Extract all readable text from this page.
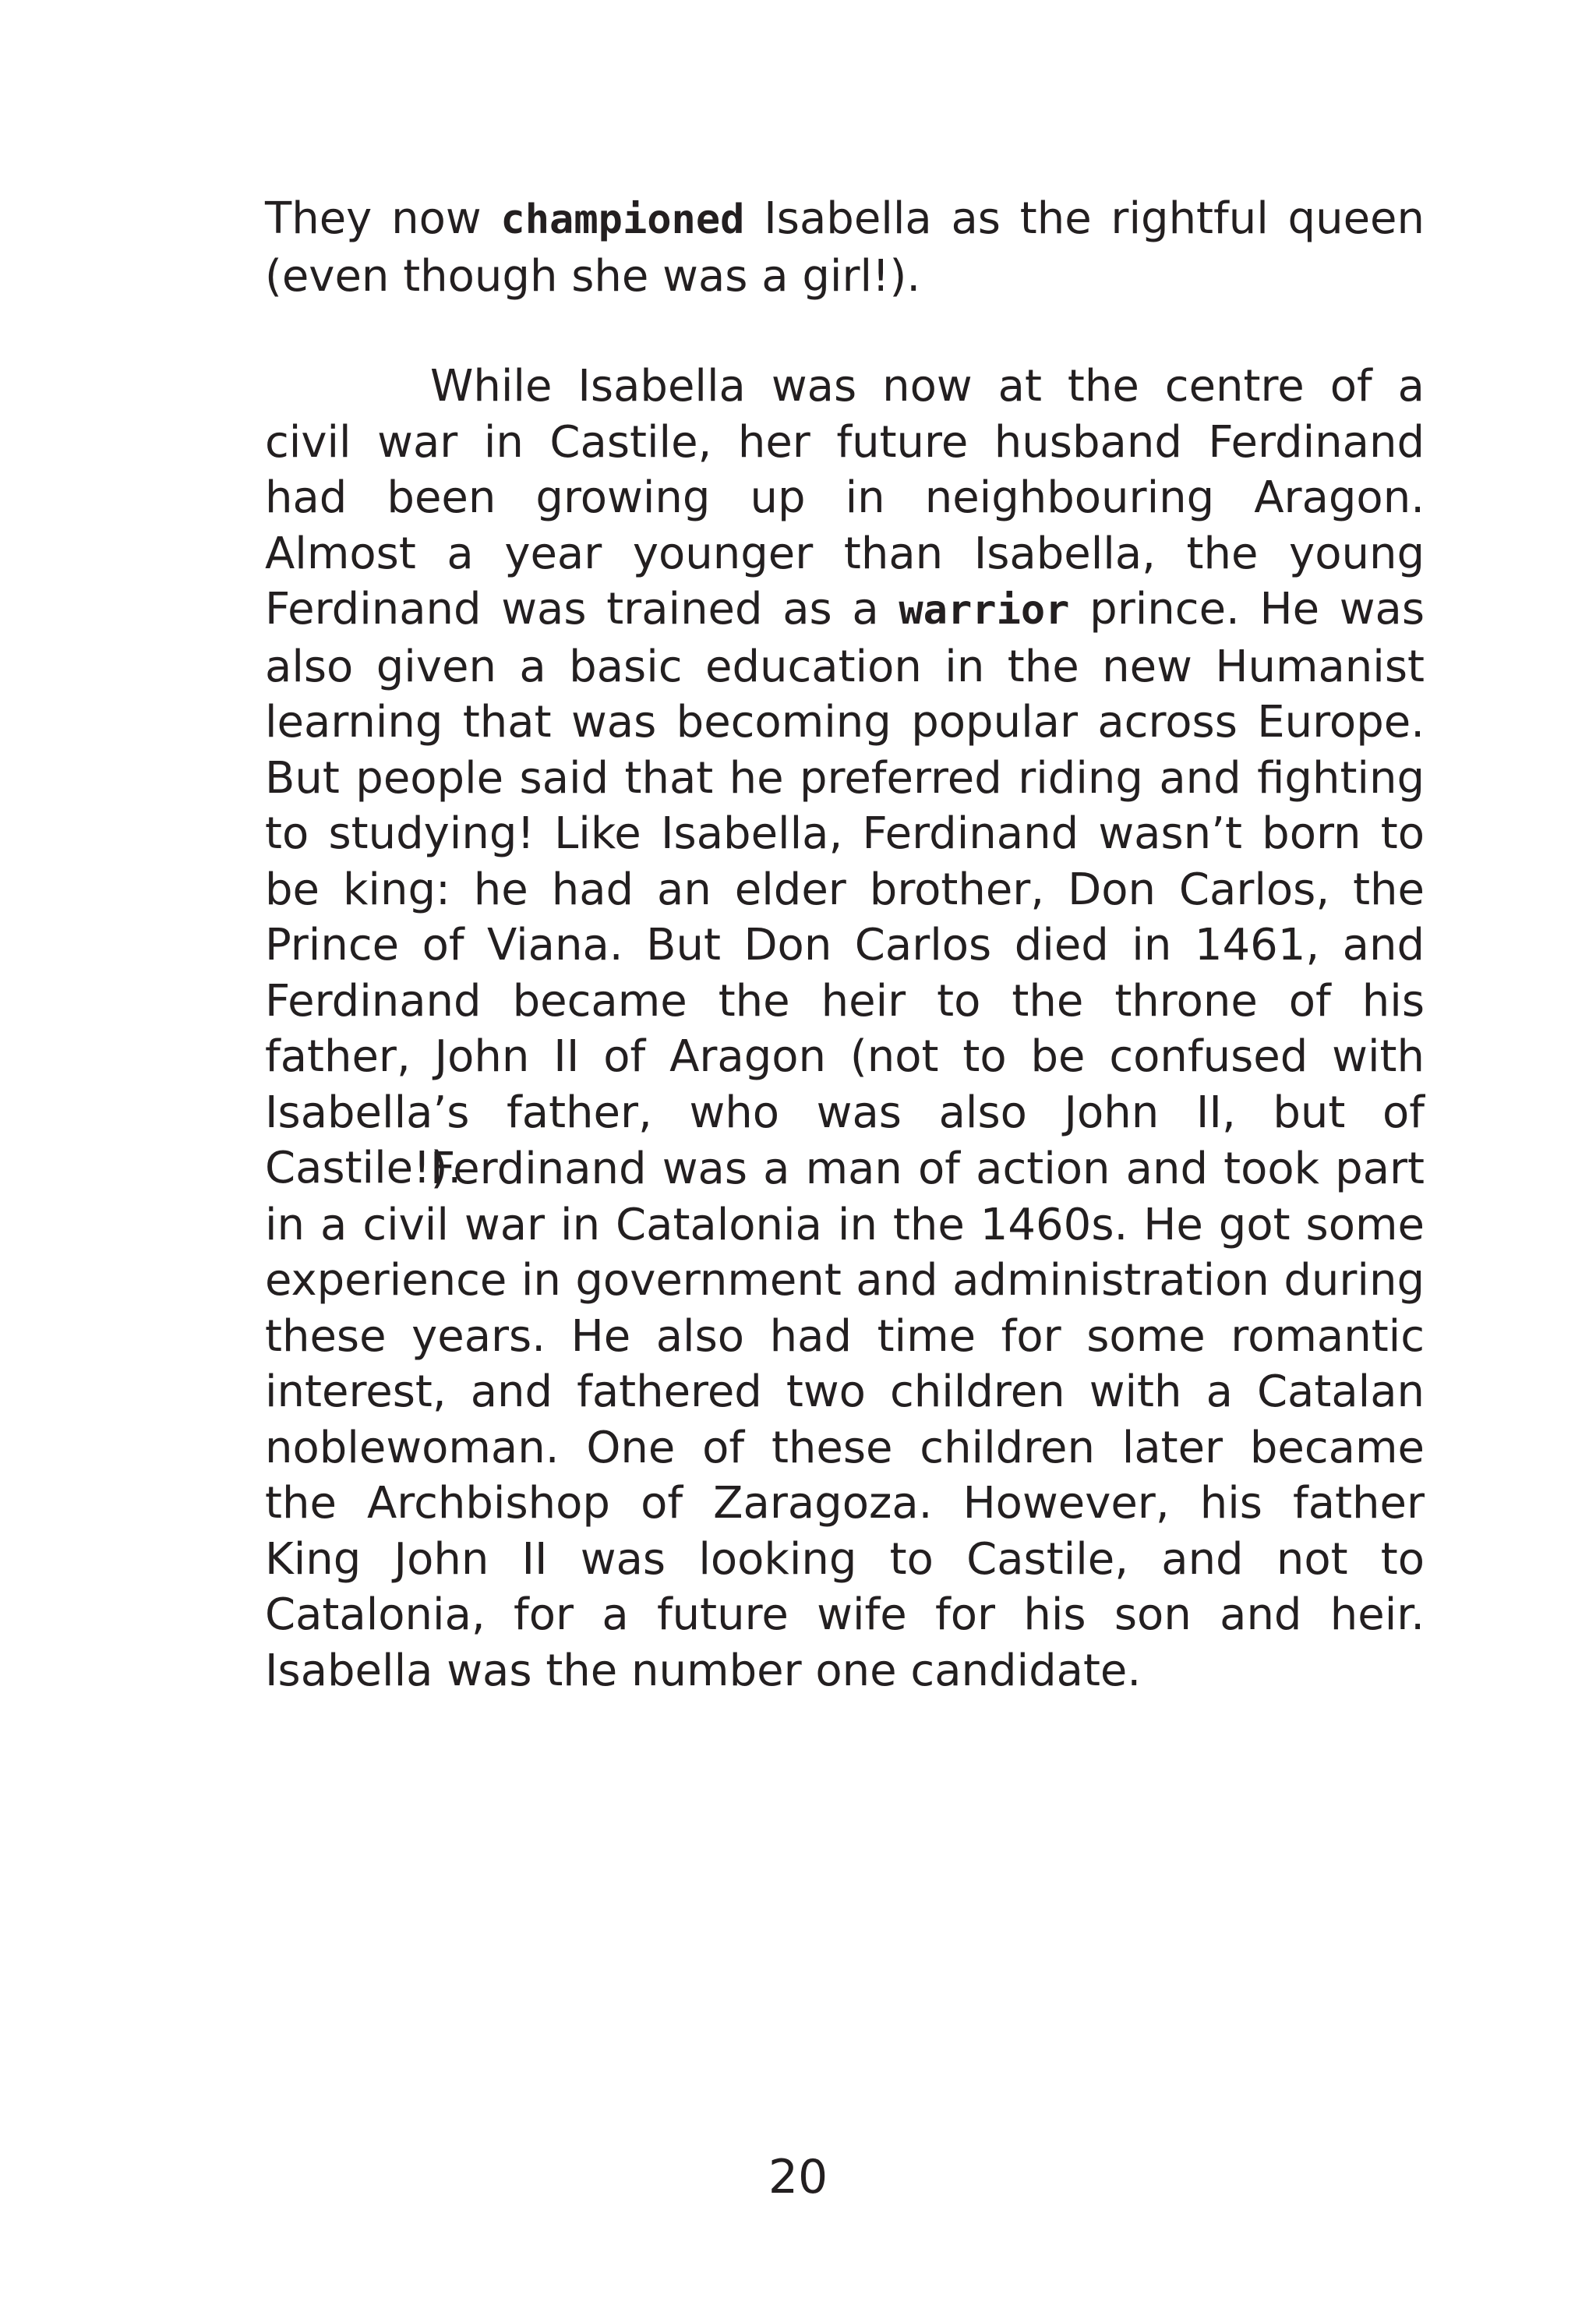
They now championed Isabella as the rightful queen (even though she was a girl!).

While Isabella was now at the centre of a civil war in Castile, her future husband Ferdinand had been growing up in neighbouring Aragon. Almost a year younger than Isabella, the young Ferdinand was trained as a warrior prince. He was also given a basic education in the new Humanist learning that was becoming popular across Europe. But people said that he preferred riding and fighting to studying! Like Isabella, Ferdinand wasn’t born to be king: he had an elder brother, Don Carlos, the Prince of Viana. But Don Carlos died in 1461, and Ferdinand became the heir to the throne of his father, John II of Aragon (not to be confused with Isabella’s father, who was also John II, but of Castile!).

Ferdinand was a man of action and took part in a civil war in Catalonia in the 1460s. He got some experience in government and administration during these years. He also had time for some romantic interest, and fathered two children with a Catalan noblewoman. One of these children later became the Archbishop of Zaragoza. However, his father King John II was looking to Castile, and not to Catalonia, for a future wife for his son and heir. Isabella was the number one candidate.

20
